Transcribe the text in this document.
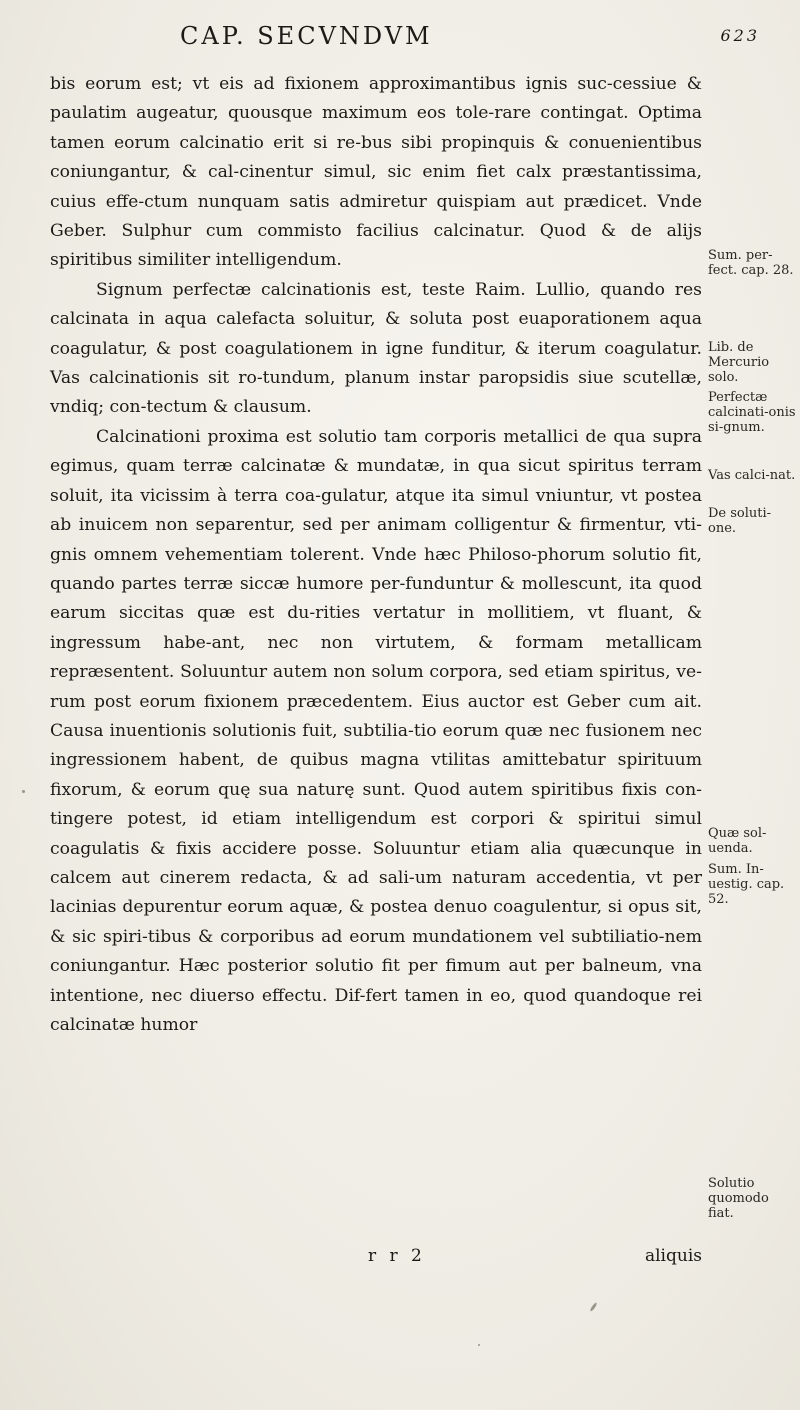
CAP. SECVNDVM	623

bis eorum est; vt eis ad fixionem approximantibus ignis suc-cessiue & paulatim augeatur, quousque maximum eos tole-rare contingat. Optima tamen eorum calcinatio erit si re-bus sibi propinquis & conuenientibus coniungantur, & cal-cinentur simul, sic enim fiet calx præstantissima, cuius effe-ctum nunquam satis admiretur quispiam aut prædicet. Vnde Geber. Sulphur cum commisto facilius calcinatur. Quod & de alijs spiritibus similiter intelligendum.

Signum perfectæ calcinationis est, teste Raim. Lullio, quando res calcinata in aqua calefacta soluitur, & soluta post euaporationem aqua coagulatur, & post coagulationem in igne funditur, & iterum coagulatur. Vas calcinationis sit ro-tundum, planum instar paropsidis siue scutellæ, vndiq; con-tectum & clausum.

Calcinationi proxima est solutio tam corporis metallici de qua supra egimus, quam terræ calcinatæ & mundatæ, in qua sicut spiritus terram soluit, ita vicissim à terra coa-gulatur, atque ita simul vniuntur, vt postea ab inuicem non separentur, sed per animam colligentur & firmentur, vti-gnis omnem vehementiam tolerent. Vnde hæc Philoso-phorum solutio fit, quando partes terræ siccæ humore per-funduntur & mollescunt, ita quod earum siccitas quæ est du-rities vertatur in mollitiem, vt fluant, & ingressum habe-ant, nec non virtutem, & formam metallicam repræsentent. Soluuntur autem non solum corpora, sed etiam spiritus, ve-rum post eorum fixionem præcedentem. Eius auctor est Geber cum ait. Causa inuentionis solutionis fuit, subtilia-tio eorum quæ nec fusionem nec ingressionem habent, de quibus magna vtilitas amittebatur spirituum fixorum, & eorum quę sua naturę sunt. Quod autem spiritibus fixis con-tingere potest, id etiam intelligendum est corpori & spiritui simul coagulatis & fixis accidere posse. Soluuntur etiam alia quæcunque in calcem aut cinerem redacta, & ad sali-um naturam accedentia, vt per lacinias depurentur eorum aquæ, & postea denuo coagulentur, si opus sit, & sic spiri-tibus & corporibus ad eorum mundationem vel subtiliatio-nem coniungantur. Hæc posterior solutio fit per fimum aut per balneum, vna intentione, nec diuerso effectu. Dif-fert tamen in eo, quod quandoque rei calcinatæ humor

Sum. per-fect. cap. 28.
Lib. de Mercurio solo.
Perfectæ calcinati-onis si-gnum.
Vas calci-nat.
De soluti-one.
Quæ sol-uenda.
Sum. In-uestig. cap. 52.
Solutio quomodo fiat.
r r 2	aliquis
